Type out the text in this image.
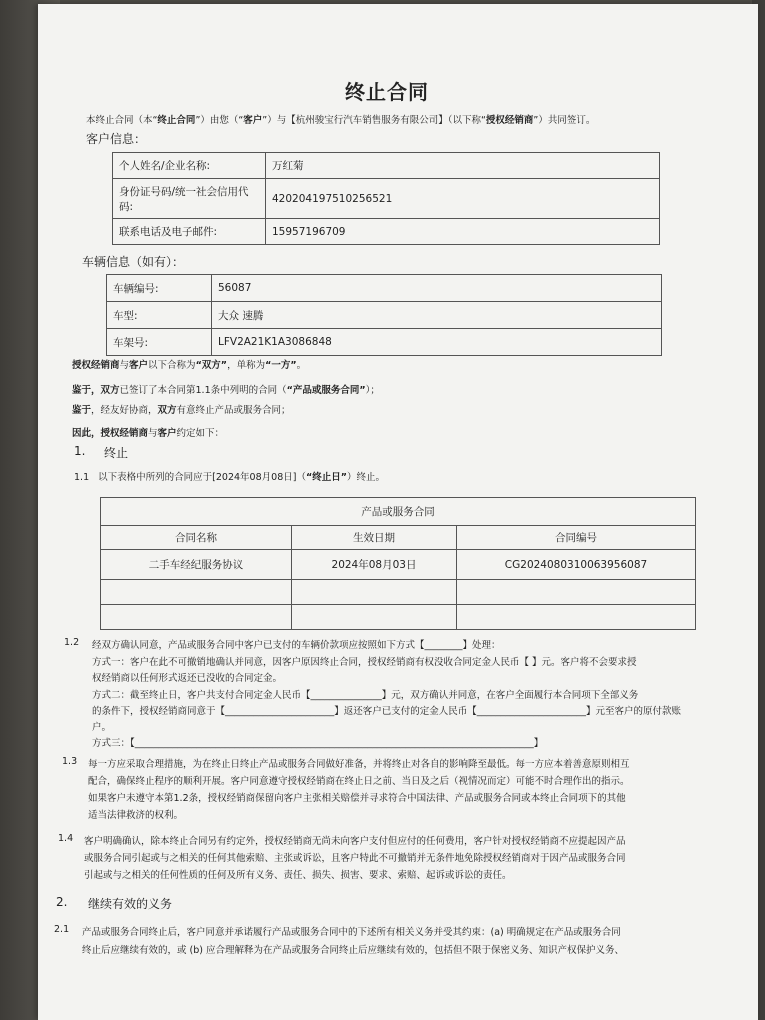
终止合同
本终止合同（本“终止合同”）由您（“客户”）与【杭州骏宝行汽车销售服务有限公司】（以下称“授权经销商”）共同签订。
客户信息：
个人姓名/企业名称:	万红菊
身份证号码/统一社会信用代码:	420204197510256521
联系电话及电子邮件:	15957196709
车辆信息（如有）：
车辆编号:	56087
车型:	大众 速腾
车架号:	LFV2A21K1A3086848
授权经销商与客户以下合称为“双方”，单称为“一方”。
鉴于，双方已签订了本合同第1.1条中列明的合同（“产品或服务合同”）；
鉴于，经友好协商，双方有意终止产品或服务合同；
因此，授权经销商与客户约定如下：
1. 终止
1.1 以下表格中所列的合同应于[2024年08月08日]（“终止日”）终止。
产品或服务合同		
合同名称	生效日期	合同编号
二手车经纪服务协议	2024年08月03日	CG2024080310063956087

1.2 经双方确认同意，产品或服务合同中客户已支付的车辆价款项应按照如下方式【________】处理：
方式一：客户在此不可撤销地确认并同意，因客户原因终止合同，授权经销商有权没收合同定金人民币【 】元。客户将不会要求授
权经销商以任何形式返还已没收的合同定金。
方式二：截至终止日，客户共支付合同定金人民币【_______________】元，双方确认并同意，在客户全面履行本合同项下全部义务
的条件下，授权经销商同意于【_______________________】返还客户已支付的定金人民币【_______________________】元至客户的原付款账
户。
方式三：【____________________________________________________________________________________】
1.3 每一方应采取合理措施，为在终止日终止产品或服务合同做好准备，并将终止对各自的影响降至最低。每一方应本着善意原则相互
配合，确保终止程序的顺利开展。客户同意遵守授权经销商在终止日之前、当日及之后（视情况而定）可能不时合理作出的指示。
如果客户未遵守本第1.2条，授权经销商保留向客户主张相关赔偿并寻求符合中国法律、产品或服务合同或本终止合同项下的其他
适当法律救济的权利。
1.4 客户明确确认，除本终止合同另有约定外，授权经销商无尚未向客户支付但应付的任何费用，客户针对授权经销商不应提起因产品
或服务合同引起或与之相关的任何其他索赔、主张或诉讼，且客户特此不可撤销并无条件地免除授权经销商对于因产品或服务合同
引起或与之相关的任何性质的任何及所有义务、责任、损失、损害、要求、索赔、起诉或诉讼的责任。
2. 继续有效的义务
2.1 产品或服务合同终止后，客户同意并承诺履行产品或服务合同中的下述所有相关义务并受其约束：(a) 明确规定在产品或服务合同
终止后应继续有效的，或 (b) 应合理解释为在产品或服务合同终止后应继续有效的，包括但不限于保密义务、知识产权保护义务、
